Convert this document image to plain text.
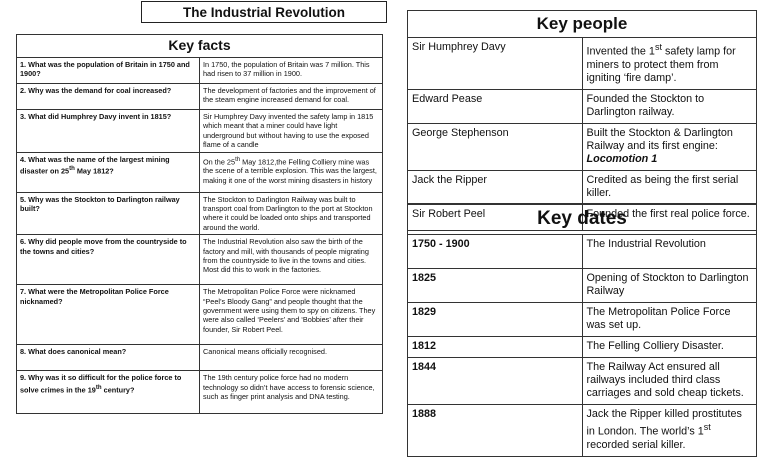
The Industrial Revolution
Key facts	
1. What was the population of Britain in 1750 and 1900?	In 1750, the population of Britain was 7 million. This had risen to 37 million in 1900.
2. Why was the demand for coal increased?	The development of factories and the improvement of the steam engine increased demand for coal.
3. What did Humphrey Davy invent in 1815?	Sir Humphrey Davy invented the safety lamp in 1815 which meant that a miner could have light underground but without having to use the exposed flame of a candle
4. What was the name of the largest mining disaster on 25th May 1812?	On the 25th May 1812,the Felling Colliery mine was the scene of a terrible explosion. This was the largest, making it one of the worst mining disasters in history
5. Why was the Stockton to Darlington railway built?	The Stockton to Darlington Railway was built to transport coal from Darlington to the port at Stockton where it could be loaded onto ships and transported around the world.
6. Why did people move from the countryside to the towns and cities?	The Industrial Revolution also saw the birth of the factory and mill, with thousands of people migrating from the countryside to live in the towns and cities. Most did this to work in the factories.
7. What were the Metropolitan Police Force nicknamed?	The Metropolitan Police Force were nicknamed “Peel’s Bloody Gang” and people thought that the government were using them to spy on citizens. They were also called ‘Peelers’ and ‘Bobbies’ after their founder, Sir Robert Peel.
8. What does canonical mean?	Canonical means officially recognised.
9. Why was it so difficult for the police force to solve crimes in the 19th century?	The 19th century police force had no modern technology so didn’t have access to forensic science, such as finger print analysis and DNA testing.
Key people	
Sir Humphrey Davy	Invented the 1st safety lamp for miners to protect them from igniting ‘fire damp’.
Edward Pease	Founded the Stockton to Darlington railway.
George Stephenson	Built the Stockton & Darlington Railway and its first engine: Locomotion 1
Jack the Ripper	Credited as being the first serial killer.
Sir Robert Peel	Founded the first real police force.
Key dates	
1750 - 1900	The Industrial Revolution
1825	Opening of Stockton to Darlington Railway
1829	The Metropolitan Police Force was set up.
1812	The Felling Colliery Disaster.
1844	The Railway Act ensured all railways included third class carriages and sold cheap tickets.
1888	Jack the Ripper killed prostitutes in London. The world’s 1st recorded serial killer.
